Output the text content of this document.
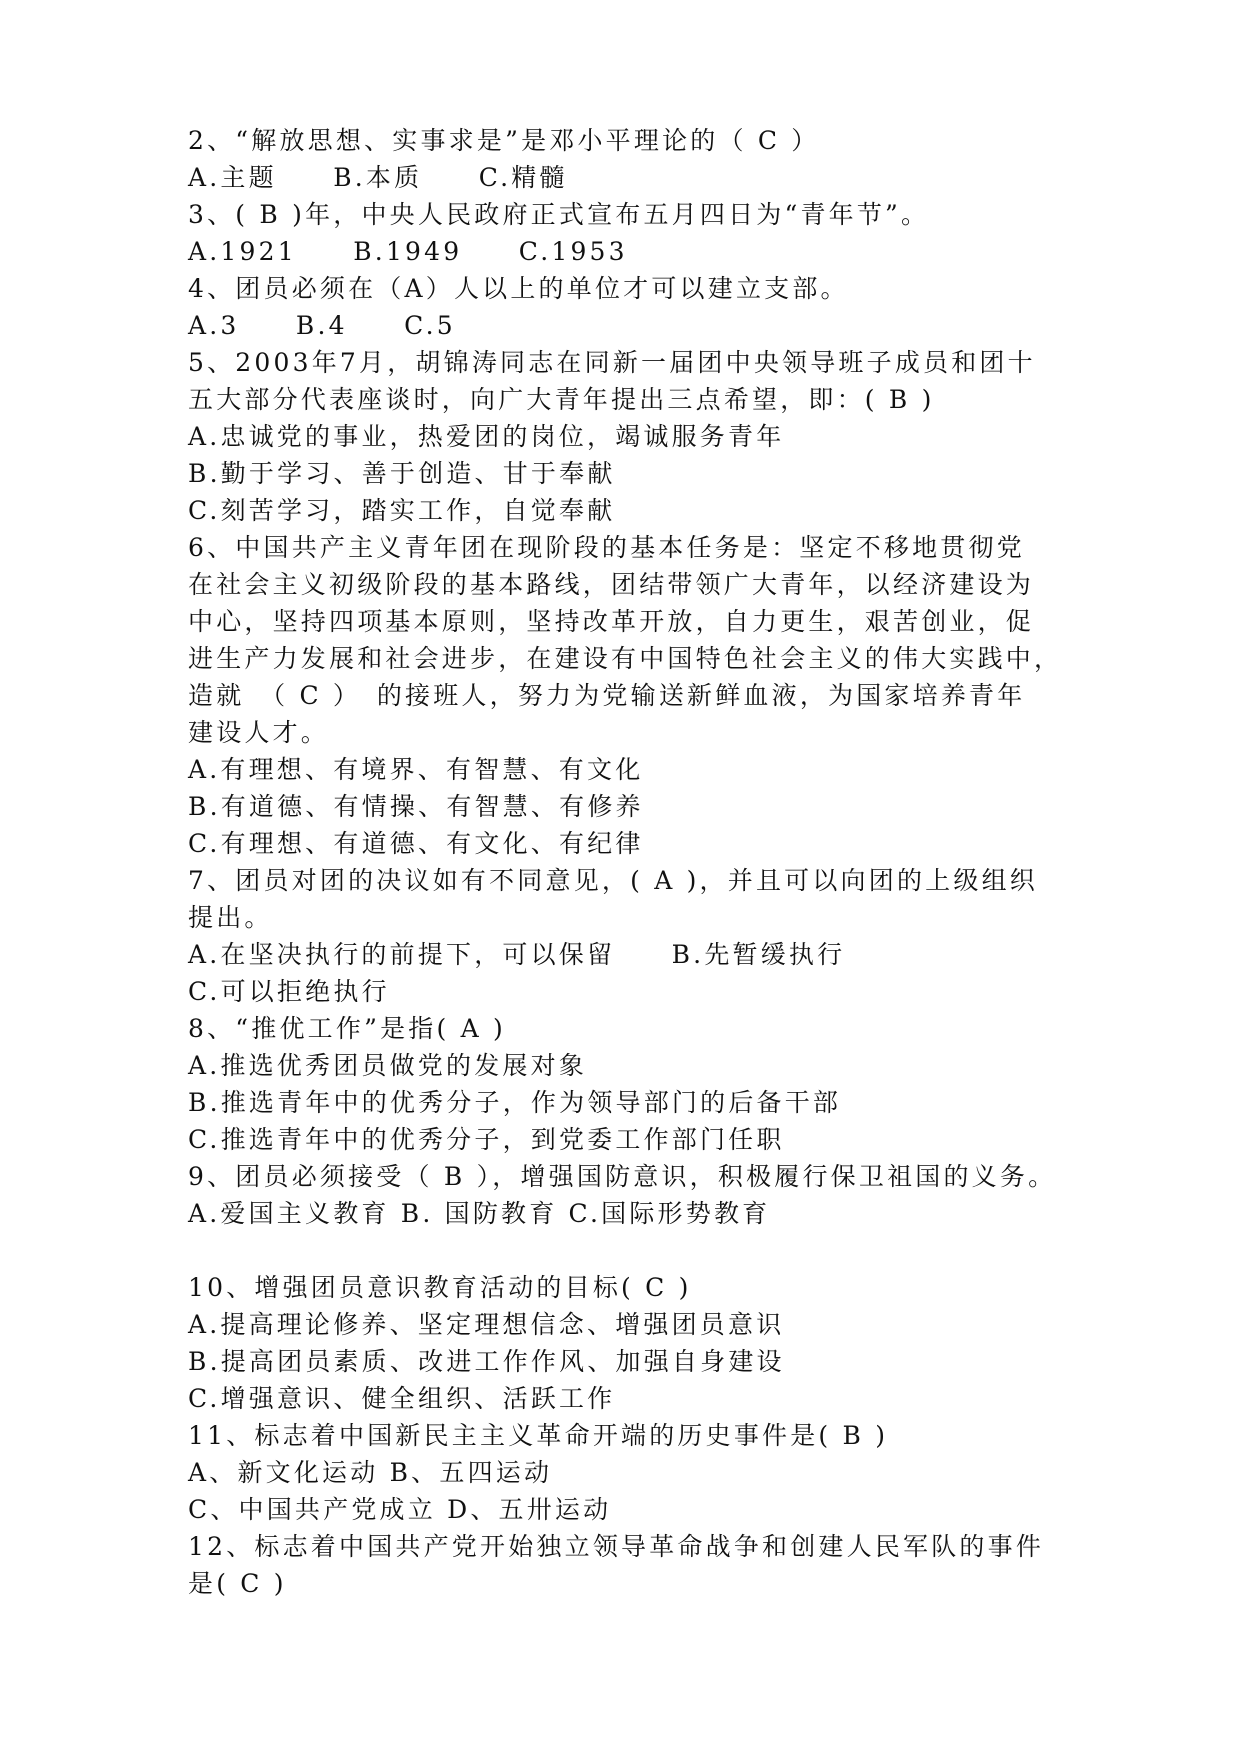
2、“解放思想、实事求是”是邓小平理论的（ C ）
A.主题　　B.本质　　C.精髓
3、( B )年，中央人民政府正式宣布五月四日为“青年节”。
A.1921　　B.1949　　C.1953
4、团员必须在（A）人以上的单位才可以建立支部。
A.3　　B.4　　C.5
5、2003年7月，胡锦涛同志在同新一届团中央领导班子成员和团十
五大部分代表座谈时，向广大青年提出三点希望，即：( B )
A.忠诚党的事业，热爱团的岗位，竭诚服务青年
B.勤于学习、善于创造、甘于奉献
C.刻苦学习，踏实工作，自觉奉献
6、中国共产主义青年团在现阶段的基本任务是：坚定不移地贯彻党
在社会主义初级阶段的基本路线，团结带领广大青年，以经济建设为
中心，坚持四项基本原则，坚持改革开放，自力更生，艰苦创业，促
进生产力发展和社会进步，在建设有中国特色社会主义的伟大实践中，
造就　（ C ）　的接班人，努力为党输送新鲜血液，为国家培养青年
建设人才。
A.有理想、有境界、有智慧、有文化
B.有道德、有情操、有智慧、有修养
C.有理想、有道德、有文化、有纪律
7、团员对团的决议如有不同意见，( A )，并且可以向团的上级组织
提出。
A.在坚决执行的前提下，可以保留　　B.先暂缓执行
C.可以拒绝执行
8、“推优工作”是指( A )
A.推选优秀团员做党的发展对象
B.推选青年中的优秀分子，作为领导部门的后备干部
C.推选青年中的优秀分子，到党委工作部门任职
9、团员必须接受（ B ），增强国防意识，积极履行保卫祖国的义务。
A.爱国主义教育 B. 国防教育 C.国际形势教育
10、增强团员意识教育活动的目标( C )
A.提高理论修养、坚定理想信念、增强团员意识
B.提高团员素质、改进工作作风、加强自身建设
C.增强意识、健全组织、活跃工作
11、标志着中国新民主主义革命开端的历史事件是( B )
A、新文化运动 B、五四运动
C、中国共产党成立 D、五卅运动
12、标志着中国共产党开始独立领导革命战争和创建人民军队的事件
是( C )
